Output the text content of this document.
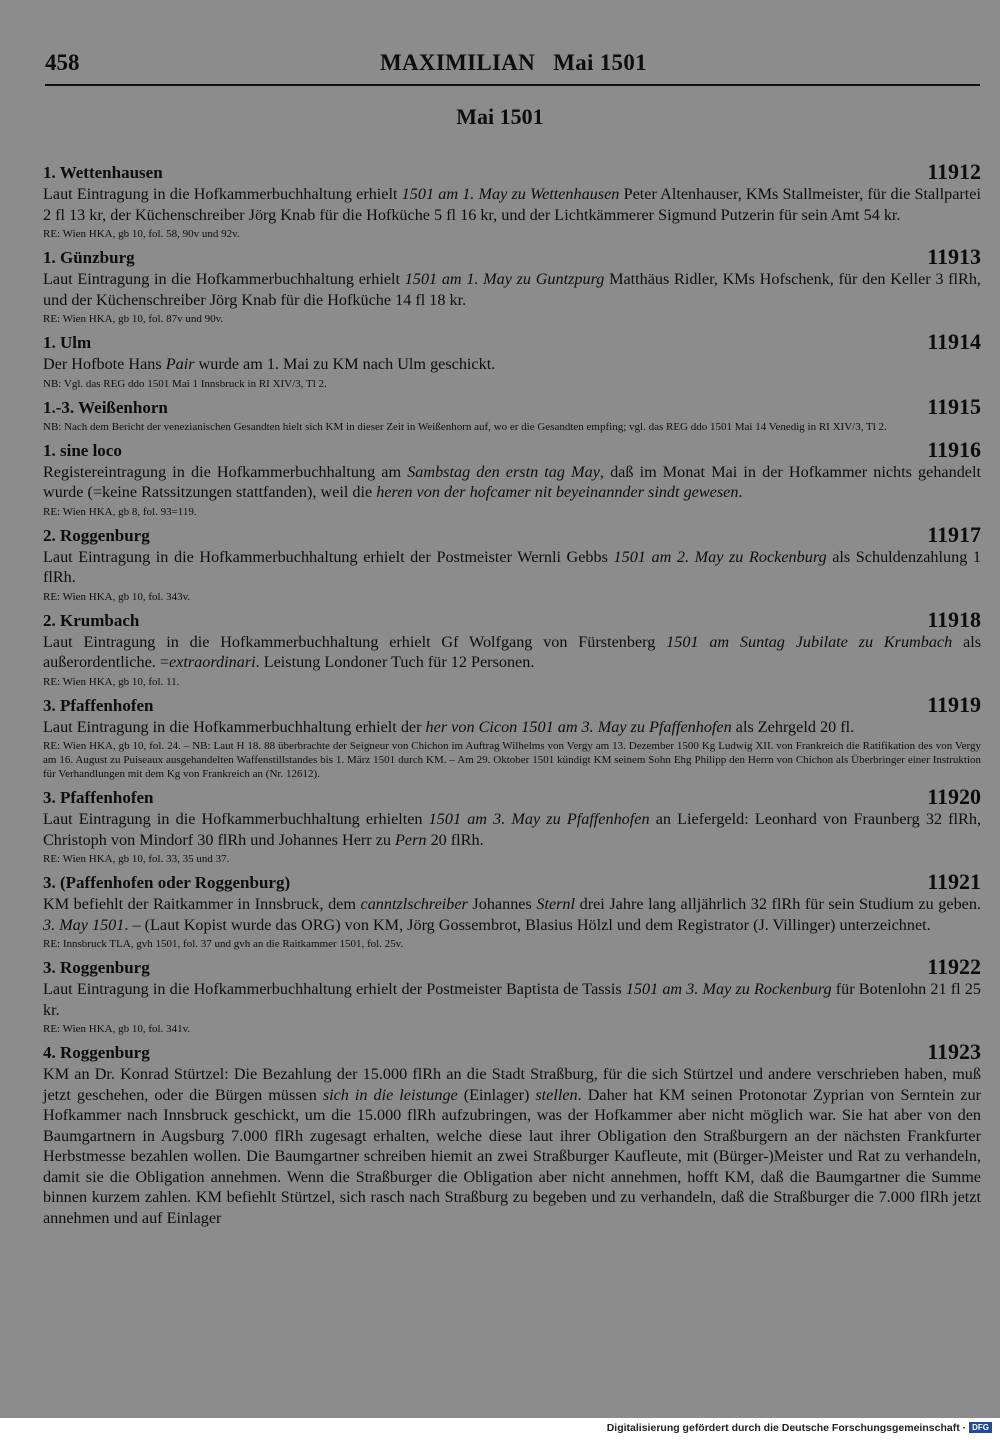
458	MAXIMILIAN   Mai 1501
Mai 1501
1. Wettenhausen	11912
Laut Eintragung in die Hofkammerbuchhaltung erhielt 1501 am 1. May zu Wettenhausen Peter Altenhauser, KMs Stallmeister, für die Stallpartei 2 fl 13 kr, der Küchenschreiber Jörg Knab für die Hofküche 5 fl 16 kr, und der Lichtkämmerer Sigmund Putzerin für sein Amt 54 kr.
RE: Wien HKA, gb 10, fol. 58, 90v und 92v.
1. Günzburg	11913
Laut Eintragung in die Hofkammerbuchhaltung erhielt 1501 am 1. May zu Guntzpurg Matthäus Ridler, KMs Hofschenk, für den Keller 3 flRh, und der Küchenschreiber Jörg Knab für die Hofküche 14 fl 18 kr.
RE: Wien HKA, gb 10, fol. 87v und 90v.
1. Ulm	11914
Der Hofbote Hans Pair wurde am 1. Mai zu KM nach Ulm geschickt.
NB: Vgl. das REG ddo 1501 Mai 1 Innsbruck in RI XIV/3, Tl 2.
1.-3. Weißenhorn	11915
NB: Nach dem Bericht der venezianischen Gesandten hielt sich KM in dieser Zeit in Weißenhorn auf, wo er die Gesandten empfing; vgl. das REG ddo 1501 Mai 14 Venedig in RI XIV/3, Tl 2.
1. sine loco	11916
Registereintragung in die Hofkammerbuchhaltung am Sambstag den erstn tag May, daß im Monat Mai in der Hofkammer nichts gehandelt wurde (=keine Ratssitzungen stattfanden), weil die heren von der hofcamer nit beyeinannder sindt gewesen.
RE: Wien HKA, gb 8, fol. 93=119.
2. Roggenburg	11917
Laut Eintragung in die Hofkammerbuchhaltung erhielt der Postmeister Wernli Gebbs 1501 am 2. May zu Rockenburg als Schuldenzahlung 1 flRh.
RE: Wien HKA, gb 10, fol. 343v.
2. Krumbach	11918
Laut Eintragung in die Hofkammerbuchhaltung erhielt Gf Wolfgang von Fürstenberg 1501 am Suntag Jubilate zu Krumbach als außerordentliche. =extraordinari. Leistung Londoner Tuch für 12 Personen.
RE: Wien HKA, gb 10, fol. 11.
3. Pfaffenhofen	11919
Laut Eintragung in die Hofkammerbuchhaltung erhielt der her von Cicon 1501 am 3. May zu Pfaffenhofen als Zehrgeld 20 fl.
RE: Wien HKA, gb 10, fol. 24. – NB: Laut H 18. 88 überbrachte der Seigneur von Chichon im Auftrag Wilhelms von Vergy am 13. Dezember 1500 Kg Ludwig XII. von Frankreich die Ratifikation des von Vergy am 16. August zu Puiseaux ausgehandelten Waffenstillstandes bis 1. März 1501 durch KM. – Am 29. Oktober 1501 kündigt KM seinem Sohn Ehg Philipp den Herrn von Chichon als Überbringer einer Instruktion für Verhandlungen mit dem Kg von Frankreich an (Nr. 12612).
3. Pfaffenhofen	11920
Laut Eintragung in die Hofkammerbuchhaltung erhielten 1501 am 3. May zu Pfaffenhofen an Liefergeld: Leonhard von Fraunberg 32 flRh, Christoph von Mindorf 30 flRh und Johannes Herr zu Pern 20 flRh.
RE: Wien HKA, gb 10, fol. 33, 35 und 37.
3. (Paffenhofen oder Roggenburg)	11921
KM befiehlt der Raitkammer in Innsbruck, dem canntzlschreiber Johannes Sternl drei Jahre lang alljährlich 32 flRh für sein Studium zu geben. 3. May 1501. – (Laut Kopist wurde das ORG) von KM, Jörg Gossembrot, Blasius Hölzl und dem Registrator (J. Villinger) unterzeichnet.
RE: Innsbruck TLA, gvh 1501, fol. 37 und gvh an die Raitkammer 1501, fol. 25v.
3. Roggenburg	11922
Laut Eintragung in die Hofkammerbuchhaltung erhielt der Postmeister Baptista de Tassis 1501 am 3. May zu Rockenburg für Botenlohn 21 fl 25 kr.
RE: Wien HKA, gb 10, fol. 341v.
4. Roggenburg	11923
KM an Dr. Konrad Stürtzel: Die Bezahlung der 15.000 flRh an die Stadt Straßburg, für die sich Stürtzel und andere verschrieben haben, muß jetzt geschehen, oder die Bürgen müssen sich in die leistunge (Einlager) stellen. Daher hat KM seinen Protonotar Zyprian von Serntein zur Hofkammer nach Innsbruck geschickt, um die 15.000 flRh aufzubringen, was der Hofkammer aber nicht möglich war. Sie hat aber von den Baumgartnern in Augsburg 7.000 flRh zugesagt erhalten, welche diese laut ihrer Obligation den Straßburgern an der nächsten Frankfurter Herbstmesse bezahlen wollen. Die Baumgartner schreiben hiemit an zwei Straßburger Kaufleute, mit (Bürger-)Meister und Rat zu verhandeln, damit sie die Obligation annehmen. Wenn die Straßburger die Obligation aber nicht annehmen, hofft KM, daß die Baumgartner die Summe binnen kurzem zahlen. KM befiehlt Stürtzel, sich rasch nach Straßburg zu begeben und zu verhandeln, daß die Straßburger die 7.000 flRh jetzt annehmen und auf Einlager
Digitalisierung gefördert durch die Deutsche Forschungsgemeinschaft · DFG
